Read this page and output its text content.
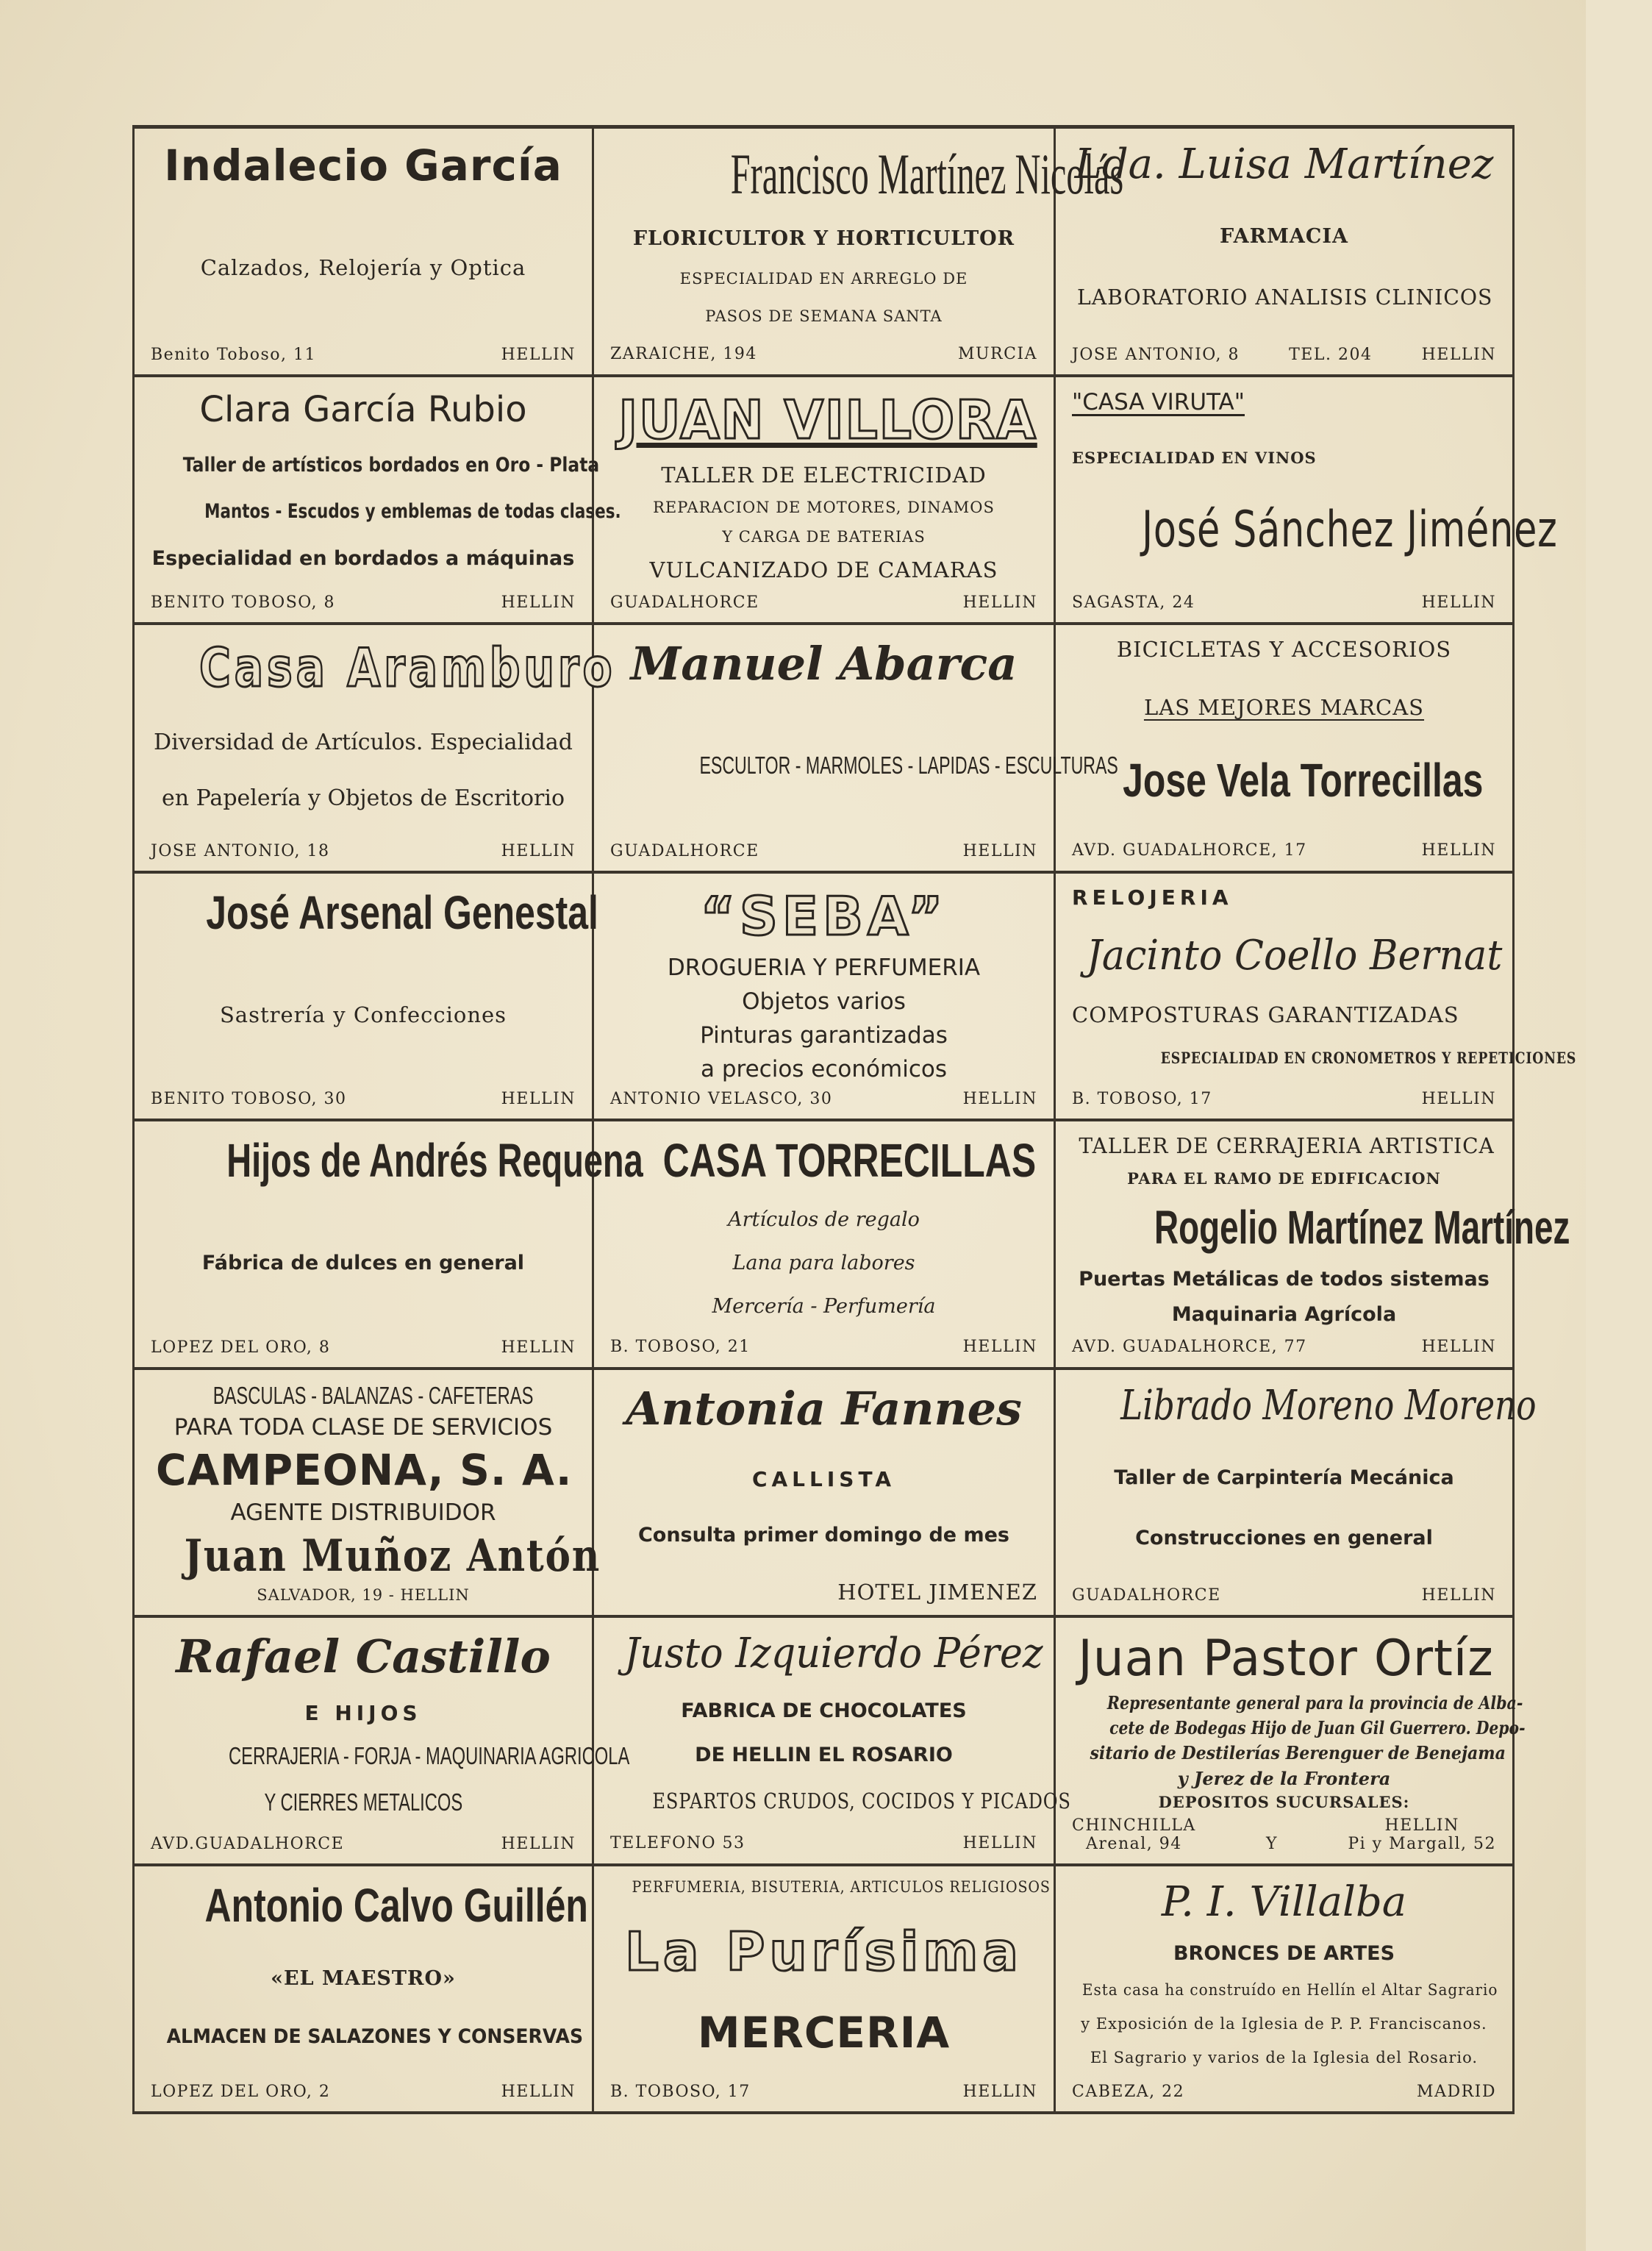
Indalecio García
Calzados, Relojería y Optica
Benito Toboso, 11	HELLIN
Francisco Martínez Nicolás
FLORICULTOR Y HORTICULTOR
ESPECIALIDAD EN ARREGLO DE
PASOS DE SEMANA SANTA
ZARAICHE, 194	MURCIA
Lda. Luisa Martínez
FARMACIA
LABORATORIO ANALISIS CLINICOS
JOSE ANTONIO, 8	TEL. 204	HELLIN
Clara García Rubio
Taller de artísticos bordados en Oro - Plata
Mantos - Escudos y emblemas de todas clases.
Especialidad en bordados a máquinas
BENITO TOBOSO, 8	HELLIN
JUAN VILLORA
TALLER DE ELECTRICIDAD
REPARACION DE MOTORES, DINAMOS
Y CARGA DE BATERIAS
VULCANIZADO DE CAMARAS
GUADALHORCE	HELLIN
"CASA VIRUTA"
ESPECIALIDAD EN VINOS
José Sánchez Jiménez
SAGASTA, 24	HELLIN
Casa Aramburo
Diversidad de Artículos. Especialidad
en Papelería y Objetos de Escritorio
JOSE ANTONIO, 18	HELLIN
Manuel Abarca
ESCULTOR - MARMOLES - LAPIDAS - ESCULTURAS
GUADALHORCE	HELLIN
BICICLETAS Y ACCESORIOS
LAS MEJORES MARCAS
Jose Vela Torrecillas
AVD. GUADALHORCE, 17	HELLIN
José Arsenal Genestal
Sastrería y Confecciones
BENITO TOBOSO, 30	HELLIN
“SEBA”
DROGUERIA Y PERFUMERIA
Objetos varios
Pinturas garantizadas
a precios económicos
ANTONIO VELASCO, 30	HELLIN
RELOJERIA
Jacinto Coello Bernat
COMPOSTURAS GARANTIZADAS
ESPECIALIDAD EN CRONOMETROS Y REPETICIONES
B. TOBOSO, 17	HELLIN
Hijos de Andrés Requena
Fábrica de dulces en general
LOPEZ DEL ORO, 8	HELLIN
CASA TORRECILLAS
Artículos de regalo
Lana para labores
Mercería - Perfumería
B. TOBOSO, 21	HELLIN
TALLER DE CERRAJERIA ARTISTICA
PARA EL RAMO DE EDIFICACION
Rogelio Martínez Martínez
Puertas Metálicas de todos sistemas
Maquinaria Agrícola
AVD. GUADALHORCE, 77	HELLIN
BASCULAS - BALANZAS - CAFETERAS
PARA TODA CLASE DE SERVICIOS
CAMPEONA, S. A.
AGENTE DISTRIBUIDOR
Juan Muñoz Antón
SALVADOR, 19 - HELLIN
Antonia Fannes
CALLISTA
Consulta primer domingo de mes
HOTEL JIMENEZ
Librado Moreno Moreno
Taller de Carpintería Mecánica
Construcciones en general
GUADALHORCE	HELLIN
Rafael Castillo
E HIJOS
CERRAJERIA - FORJA - MAQUINARIA AGRICOLA
Y CIERRES METALICOS
AVD.GUADALHORCE	HELLIN
Justo Izquierdo Pérez
FABRICA DE CHOCOLATES
DE HELLIN EL ROSARIO
ESPARTOS CRUDOS, COCIDOS Y PICADOS
TELEFONO 53	HELLIN
Juan Pastor Ortíz
Representante general para la provincia de Alba-
cete de Bodegas Hijo de Juan Gil Guerrero. Depo-
sitario de Destilerías Berenguer de Benejama
y Jerez de la Frontera
DEPOSITOS SUCURSALES:
CHINCHILLA
Arenal, 94	Y
HELLIN
Pi y Margall, 52
Antonio Calvo Guillén
«EL MAESTRO»
ALMACEN DE SALAZONES Y CONSERVAS
LOPEZ DEL ORO, 2	HELLIN
PERFUMERIA, BISUTERIA, ARTICULOS RELIGIOSOS
La Purísima
MERCERIA
B. TOBOSO, 17	HELLIN
P. I. Villalba
BRONCES DE ARTES
Esta casa ha construído en Hellín el Altar Sagrario
y Exposición de la Iglesia de P. P. Franciscanos.
El Sagrario y varios de la Iglesia del Rosario.
CABEZA, 22	MADRID
